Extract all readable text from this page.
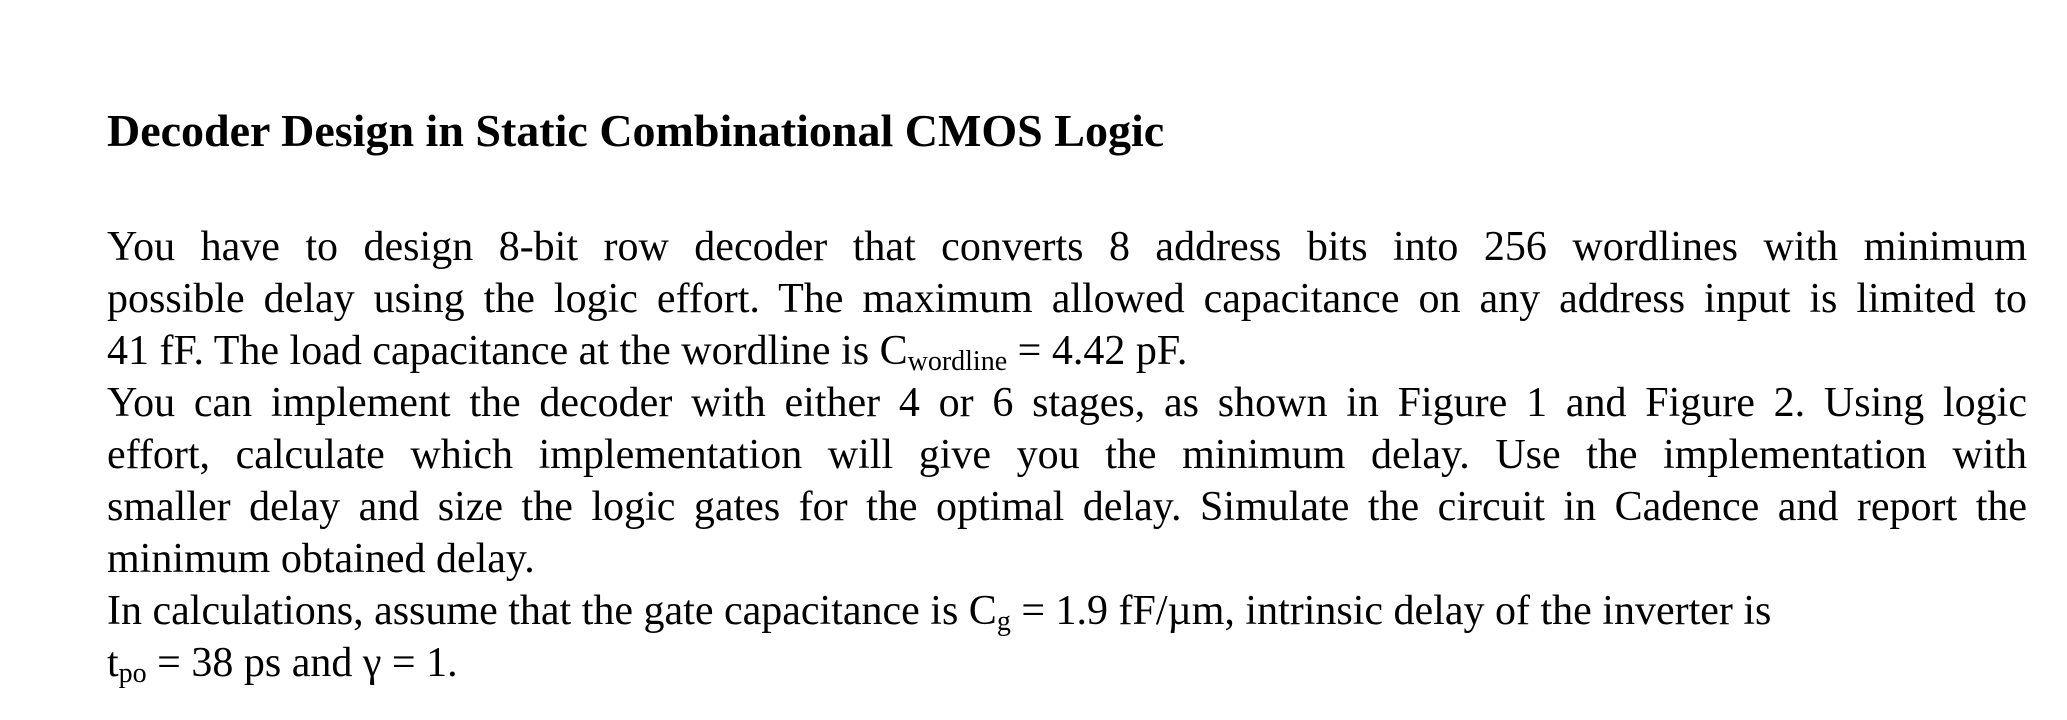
Decoder Design in Static Combinational CMOS Logic
You have to design 8-bit row decoder that converts 8 address bits into 256 wordlines with minimum
possible delay using the logic effort. The maximum allowed capacitance on any address input is limited to
41 fF. The load capacitance at the wordline is $C_{wordline} = 4.42$ pF.
You can implement the decoder with either 4 or 6 stages, as shown in Figure 1 and Figure 2. Using logic
effort, calculate which implementation will give you the minimum delay. Use the implementation with
smaller delay and size the logic gates for the optimal delay. Simulate the circuit in Cadence and report the
minimum obtained delay.
In calculations, assume that the gate capacitance is $C_g = 1.9$ fF/µm, intrinsic delay of the inverter is
$t_{po} = 38$ ps and γ = 1.
